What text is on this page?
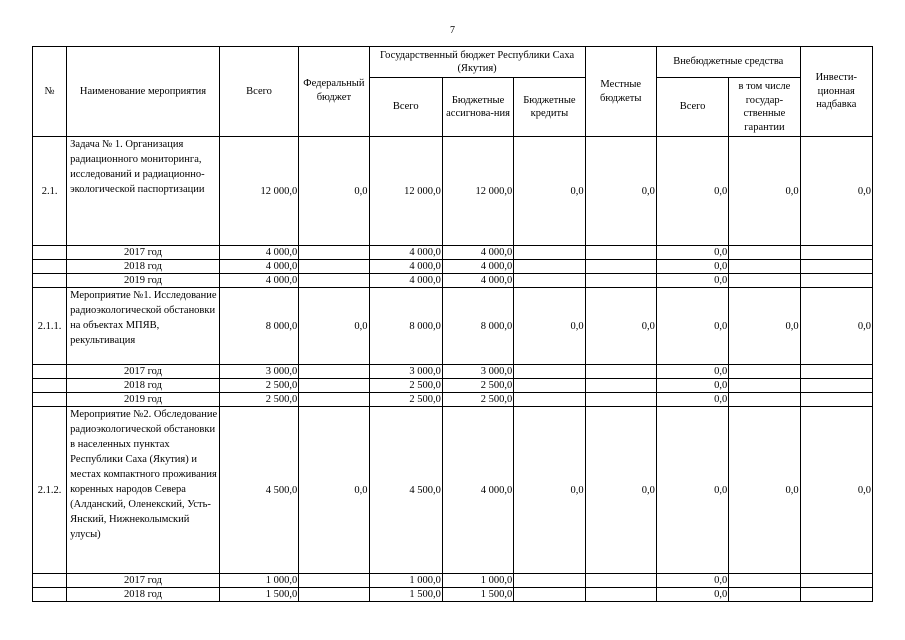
7
№	Наименование мероприятия	Всего	Федеральный бюджет	Государственный бюджет Республики Саха (Якутия)			Местные бюджеты	Внебюджетные средства		Инвести-ционная надбавка
				Всего	Бюджетные ассигнова-ния	Бюджетные кредиты		Всего	в том числе государ-ственные гарантии	
2.1.	Задача № 1. Организация радиационного мониторинга, исследований и радиационно-экологической паспортизации	12 000,0	0,0	12 000,0	12 000,0	0,0	0,0	0,0	0,0	0,0
	2017 год	4 000,0		4 000,0	4 000,0			0,0		
	2018 год	4 000,0		4 000,0	4 000,0			0,0		
	2019 год	4 000,0		4 000,0	4 000,0			0,0		
2.1.1.	Мероприятие №1. Исследование радиоэкологической обстановки на объектах МПЯВ, рекультивация	8 000,0	0,0	8 000,0	8 000,0	0,0	0,0	0,0	0,0	0,0
	2017 год	3 000,0		3 000,0	3 000,0			0,0		
	2018 год	2 500,0		2 500,0	2 500,0			0,0		
	2019 год	2 500,0		2 500,0	2 500,0			0,0		
2.1.2.	Мероприятие №2. Обследование радиоэкологической обстановки в населенных пунктах Республики Саха (Якутия) и местах компактного проживания коренных народов Севера (Алданский, Оленекский, Усть-Янский, Нижнеколымский улусы)	4 500,0	0,0	4 500,0	4 000,0	0,0	0,0	0,0	0,0	0,0
	2017 год	1 000,0		1 000,0	1 000,0			0,0		
	2018 год	1 500,0		1 500,0	1 500,0			0,0		
